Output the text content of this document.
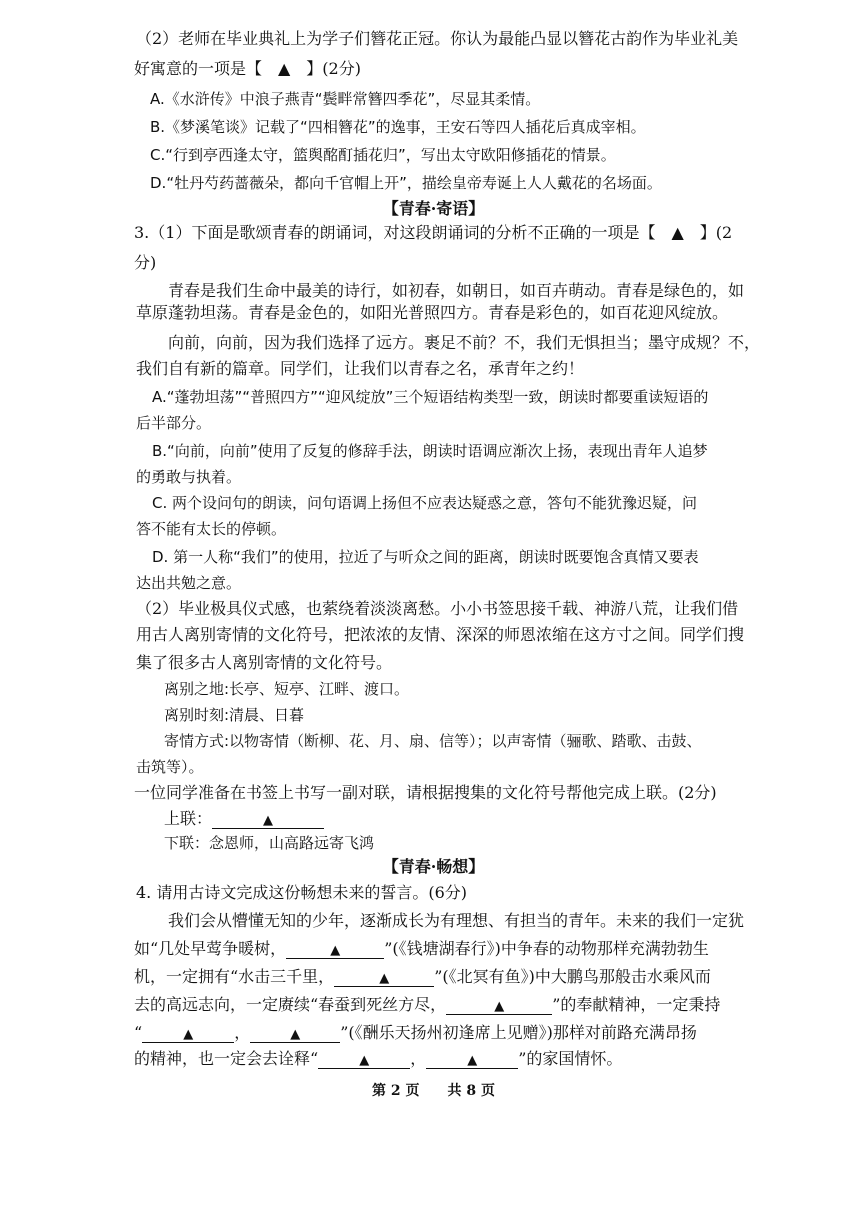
（2）老师在毕业典礼上为学子们簪花正冠。你认为最能凸显以簪花古韵作为毕业礼美
好寓意的一项是【　▲　】(2分)
A.《水浒传》中浪子燕青“鬓畔常簪四季花”，尽显其柔情。
B.《梦溪笔谈》记载了“四相簪花”的逸事，王安石等四人插花后真成宰相。
C.“行到亭西逢太守，篮舆酩酊插花归”，写出太守欧阳修插花的情景。
D.“牡丹芍药蔷薇朵，都向千官帽上开”，描绘皇帝寿诞上人人戴花的名场面。
【青春·寄语】
3.（1）下面是歌颂青春的朗诵词，对这段朗诵词的分析不正确的一项是【　▲　】(2
分)
青春是我们生命中最美的诗行，如初春，如朝日，如百卉萌动。青春是绿色的，如
草原蓬勃坦荡。青春是金色的，如阳光普照四方。青春是彩色的，如百花迎风绽放。
向前，向前，因为我们选择了远方。裹足不前？不，我们无惧担当；墨守成规？不，
我们自有新的篇章。同学们，让我们以青春之名，承青年之约！
A.“蓬勃坦荡”“普照四方”“迎风绽放”三个短语结构类型一致，朗读时都要重读短语的
后半部分。
B.“向前，向前”使用了反复的修辞手法，朗读时语调应渐次上扬，表现出青年人追梦
的勇敢与执着。
C. 两个设问句的朗读，问句语调上扬但不应表达疑惑之意，答句不能犹豫迟疑，问
答不能有太长的停顿。
D. 第一人称“我们”的使用，拉近了与听众之间的距离，朗读时既要饱含真情又要表
达出共勉之意。
（2）毕业极具仪式感，也萦绕着淡淡离愁。小小书签思接千载、神游八荒，让我们借
用古人离别寄情的文化符号，把浓浓的友情、深深的师恩浓缩在这方寸之间。同学们搜
集了很多古人离别寄情的文化符号。
离别之地:长亭、短亭、江畔、渡口。
离别时刻:清晨、日暮
寄情方式:以物寄情（断柳、花、月、扇、信等）；以声寄情（骊歌、踏歌、击鼓、
击筑等）。
一位同学准备在书签上书写一副对联，请根据搜集的文化符号帮他完成上联。(2分)
上联：	▲
下联：念恩师，山高路远寄飞鸿
【青春·畅想】
4. 请用古诗文完成这份畅想未来的誓言。(6分)
我们会从懵懂无知的少年，逐渐成长为有理想、有担当的青年。未来的我们一定犹
如“几处早莺争暖树，	▲	”(《钱塘湖春行》)中争春的动物那样充满勃勃生
机，一定拥有“水击三千里，	▲	”(《北冥有鱼》)中大鹏鸟那般击水乘风而
去的高远志向，一定赓续“春蚕到死丝方尽，	▲	”的奉献精神，一定秉持
“	▲	，	▲	”(《酬乐天扬州初逢席上见赠》)那样对前路充满昂扬
的精神，也一定会去诠释“	▲	，	▲	”的家国情怀。
第 2 页　　共 8 页
